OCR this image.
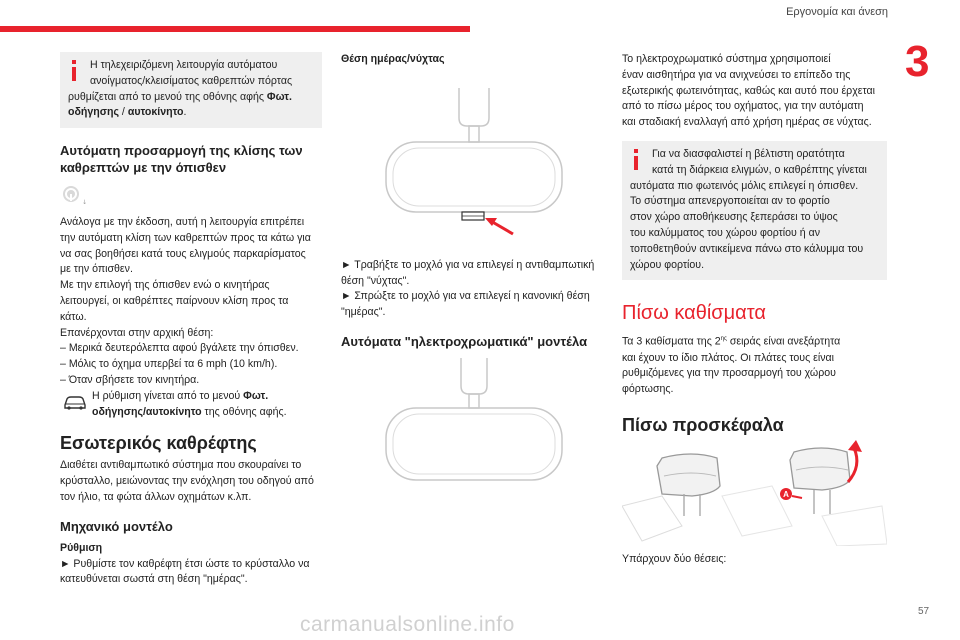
Εργονομία και άνεση
3
57
carmanualsonline.info
Η τηλεχειριζόμενη λειτουργία αυτόματου
ανοίγματος/κλεισίματος καθρεπτών πόρτας
ρυθμίζεται από το μενού της οθόνης αφής Φωτ.
οδήγησης / αυτοκίνητο.
Αυτόματη προσαρμογή της κλίσης των
καθρεπτών με την όπισθεν
↓

Ανάλογα με την έκδοση, αυτή η λειτουργία επιτρέπει
την αυτόματη κλίση των καθρεπτών προς τα κάτω για
να σας βοηθήσει κατά τους ελιγμούς παρκαρίσματος
με την όπισθεν.

Με την επιλογή της όπισθεν ενώ ο κινητήρας
λειτουργεί, οι καθρέπτες παίρνουν κλίση προς τα
κάτω.

Επανέρχονται στην αρχική θέση:

– Μερικά δευτερόλεπτα αφού βγάλετε την όπισθεν.
– Μόλις το όχημα υπερβεί τα 6 mph (10 km/h).
– Όταν σβήσετε τον κινητήρα.

Η ρύθμιση γίνεται από το μενού Φωτ.
οδήγησης/αυτοκίνητο της οθόνης αφής.
Εσωτερικός καθρέφτης

Διαθέτει αντιθαμπωτικό σύστημα που σκουραίνει το
κρύσταλλο, μειώνοντας την ενόχληση του οδηγού από
τον ήλιο, τα φώτα άλλων οχημάτων κ.λπ.

Μηχανικό μοντέλο
Ρύθμιση

► Ρυθμίστε τον καθρέφτη έτσι ώστε το κρύσταλλο να
κατευθύνεται σωστά στη θέση "ημέρας".

Θέση ημέρας/νύχτας

► Τραβήξτε το μοχλό για να επιλεγεί η αντιθαμπωτική
θέση "νύχτας".

► Σπρώξτε το μοχλό για να επιλεγεί η κανονική θέση
"ημέρας".

Αυτόματα "ηλεκτροχρωματικά" μοντέλα

Το ηλεκτροχρωματικό σύστημα χρησιμοποιεί
έναν αισθητήρα για να ανιχνεύσει το επίπεδο της
εξωτερικής φωτεινότητας, καθώς και αυτό που έρχεται
από το πίσω μέρος του οχήματος, για την αυτόματη
και σταδιακή εναλλαγή από χρήση ημέρας σε νύχτας.

Για να διασφαλιστεί η βέλτιστη ορατότητα
κατά τη διάρκεια ελιγμών, ο καθρέπτης γίνεται
αυτόματα πιο φωτεινός μόλις επιλεγεί η όπισθεν.
Το σύστημα απενεργοποιείται αν το φορτίο
στον χώρο αποθήκευσης ξεπεράσει το ύψος
του καλύμματος του χώρου φορτίου ή αν
τοποθετηθούν αντικείμενα πάνω στο κάλυμμα του
χώρου φορτίου.
Πίσω καθίσματα

Τα 3 καθίσματα της $2^{\eta\varsigma}$ σειράς είναι ανεξάρτητα
και έχουν το ίδιο πλάτος. Οι πλάτες τους είναι
ρυθμιζόμενες για την προσαρμογή του χώρου
φόρτωσης.

Πίσω προσκέφαλα
A

Υπάρχουν δύο θέσεις:
